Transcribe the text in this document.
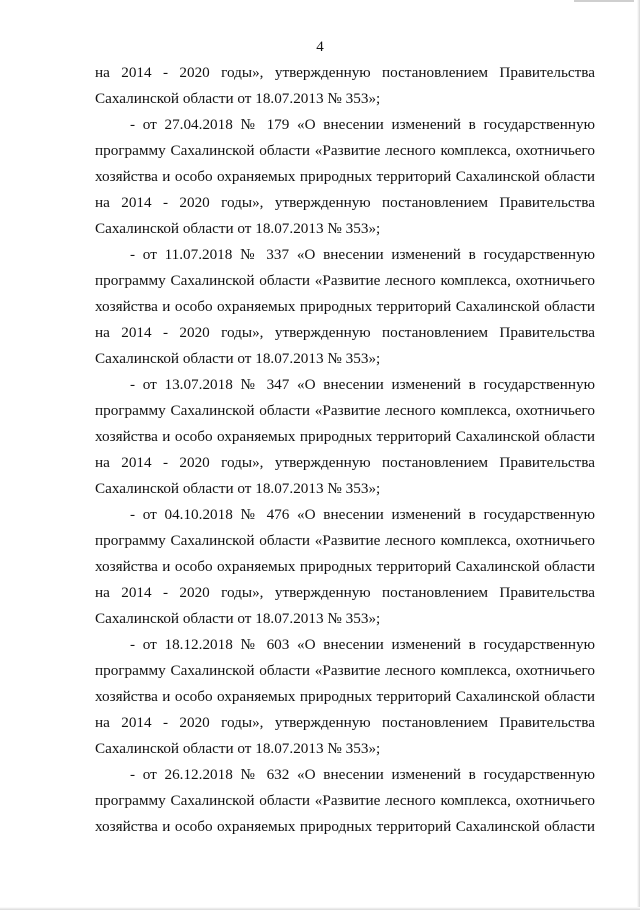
4
на 2014 - 2020 годы», утвержденную постановлением Правительства
Сахалинской области от 18.07.2013 № 353»;
- от 27.04.2018 № 179 «О внесении изменений в государственную
программу Сахалинской области «Развитие лесного комплекса, охотничьего
хозяйства и особо охраняемых природных территорий Сахалинской области
на 2014 - 2020 годы», утвержденную постановлением Правительства
Сахалинской области от 18.07.2013 № 353»;
- от 11.07.2018 № 337 «О внесении изменений в государственную
программу Сахалинской области «Развитие лесного комплекса, охотничьего
хозяйства и особо охраняемых природных территорий Сахалинской области
на 2014 - 2020 годы», утвержденную постановлением Правительства
Сахалинской области от 18.07.2013 № 353»;
- от 13.07.2018 № 347 «О внесении изменений в государственную
программу Сахалинской области «Развитие лесного комплекса, охотничьего
хозяйства и особо охраняемых природных территорий Сахалинской области
на 2014 - 2020 годы», утвержденную постановлением Правительства
Сахалинской области от 18.07.2013 № 353»;
- от 04.10.2018 № 476 «О внесении изменений в государственную
программу Сахалинской области «Развитие лесного комплекса, охотничьего
хозяйства и особо охраняемых природных территорий Сахалинской области
на 2014 - 2020 годы», утвержденную постановлением Правительства
Сахалинской области от 18.07.2013 № 353»;
- от 18.12.2018 № 603 «О внесении изменений в государственную
программу Сахалинской области «Развитие лесного комплекса, охотничьего
хозяйства и особо охраняемых природных территорий Сахалинской области
на 2014 - 2020 годы», утвержденную постановлением Правительства
Сахалинской области от 18.07.2013 № 353»;
- от 26.12.2018 № 632 «О внесении изменений в государственную
программу Сахалинской области «Развитие лесного комплекса, охотничьего
хозяйства и особо охраняемых природных территорий Сахалинской области
